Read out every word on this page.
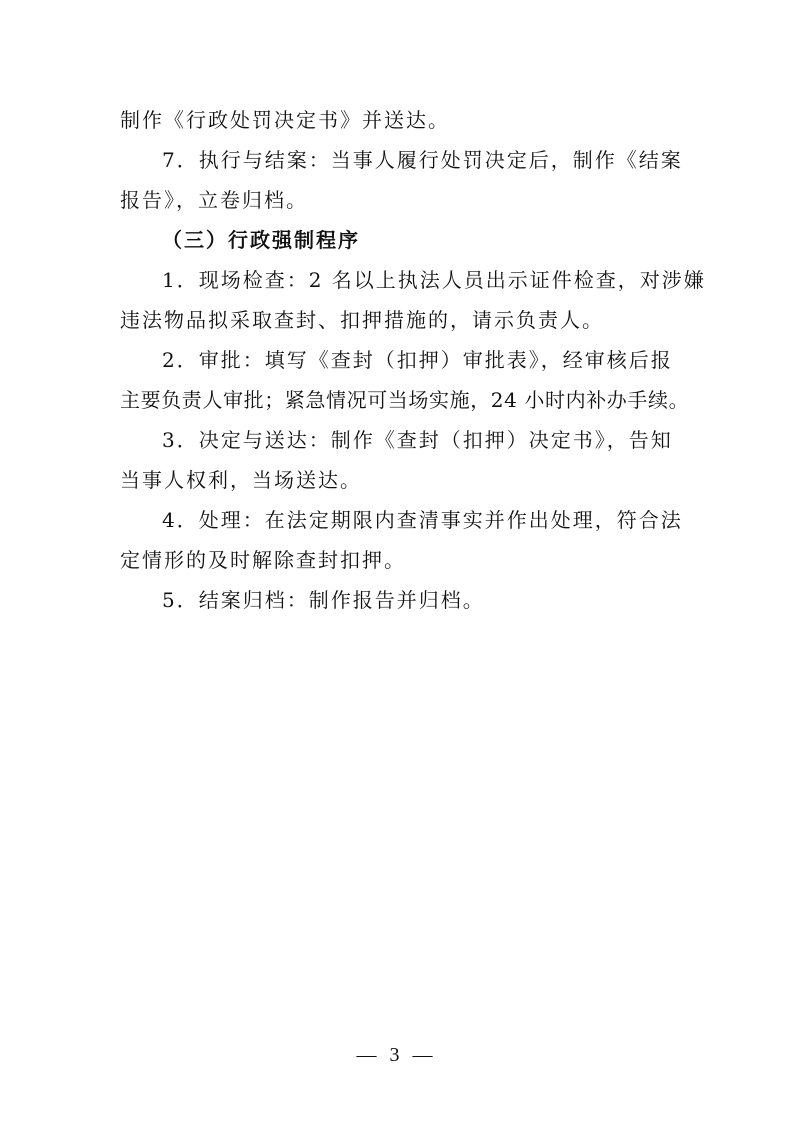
制作《行政处罚决定书》并送达。

7．执行与结案：当事人履行处罚决定后，制作《结案
报告》，立卷归档。

（三）行政强制程序

1．现场检查：2 名以上执法人员出示证件检查，对涉嫌
违法物品拟采取查封、扣押措施的，请示负责人。

2．审批：填写《查封（扣押）审批表》，经审核后报
主要负责人审批；紧急情况可当场实施，24 小时内补办手续。

3．决定与送达：制作《查封（扣押）决定书》，告知
当事人权利，当场送达。

4．处理：在法定期限内查清事实并作出处理，符合法
定情形的及时解除查封扣押。

5．结案归档：制作报告并归档。

— 3 —
